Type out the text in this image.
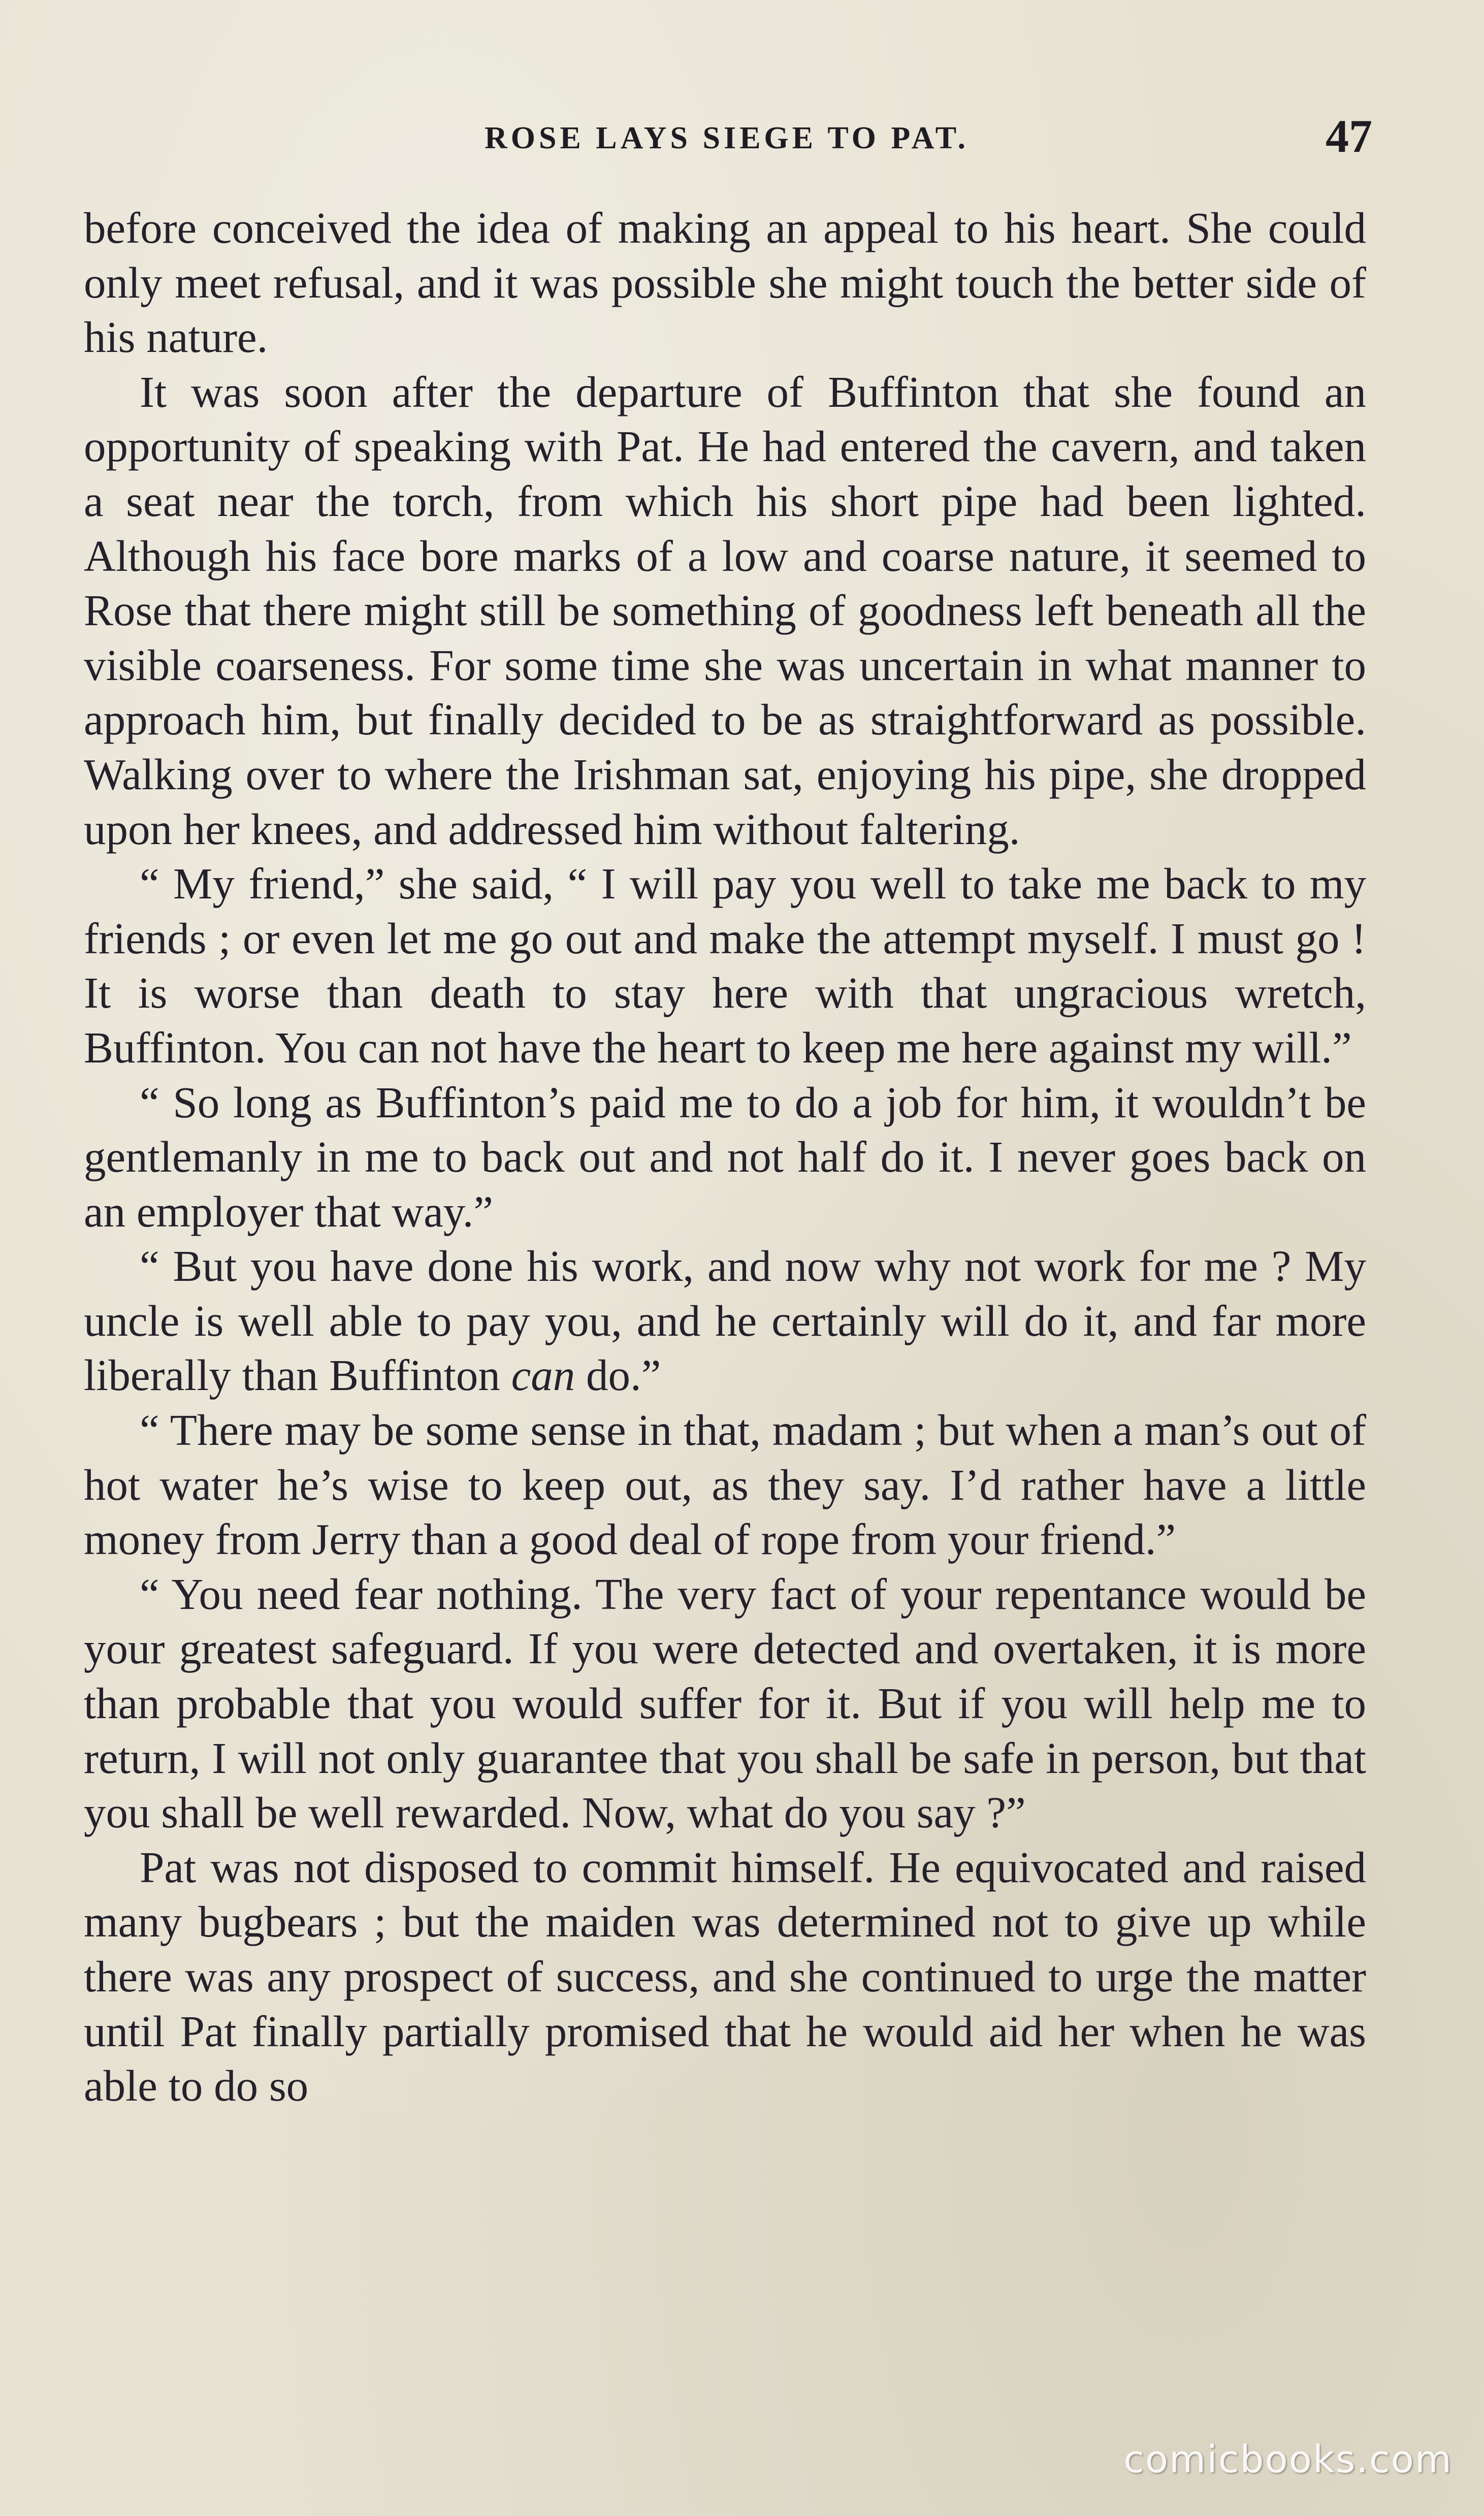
ROSE LAYS SIEGE TO PAT.	47

before conceived the idea of making an appeal to his heart. She could only meet refusal, and it was possible she might touch the better side of his nature.

It was soon after the departure of Buffinton that she found an opportunity of speaking with Pat. He had entered the cavern, and taken a seat near the torch, from which his short pipe had been lighted. Although his face bore marks of a low and coarse nature, it seemed to Rose that there might still be something of goodness left beneath all the visible coarseness. For some time she was uncertain in what manner to approach him, but finally decided to be as straightforward as possible. Walking over to where the Irishman sat, enjoying his pipe, she dropped upon her knees, and addressed him without faltering.

“ My friend,” she said, “ I will pay you well to take me back to my friends ; or even let me go out and make the attempt myself. I must go ! It is worse than death to stay here with that ungracious wretch, Buffinton. You can not have the heart to keep me here against my will.”

“ So long as Buffinton’s paid me to do a job for him, it wouldn’t be gentlemanly in me to back out and not half do it. I never goes back on an employer that way.”

“ But you have done his work, and now why not work for me ? My uncle is well able to pay you, and he certainly will do it, and far more liberally than Buffinton can do.”

“ There may be some sense in that, madam ; but when a man’s out of hot water he’s wise to keep out, as they say. I’d rather have a little money from Jerry than a good deal of rope from your friend.”

“ You need fear nothing. The very fact of your repentance would be your greatest safeguard. If you were detected and overtaken, it is more than probable that you would suffer for it. But if you will help me to return, I will not only guarantee that you shall be safe in person, but that you shall be well rewarded. Now, what do you say ?”

Pat was not disposed to commit himself. He equivocated and raised many bugbears ; but the maiden was determined not to give up while there was any prospect of success, and she continued to urge the matter until Pat finally partially promised that he would aid her when he was able to do so

comicbooks.com
